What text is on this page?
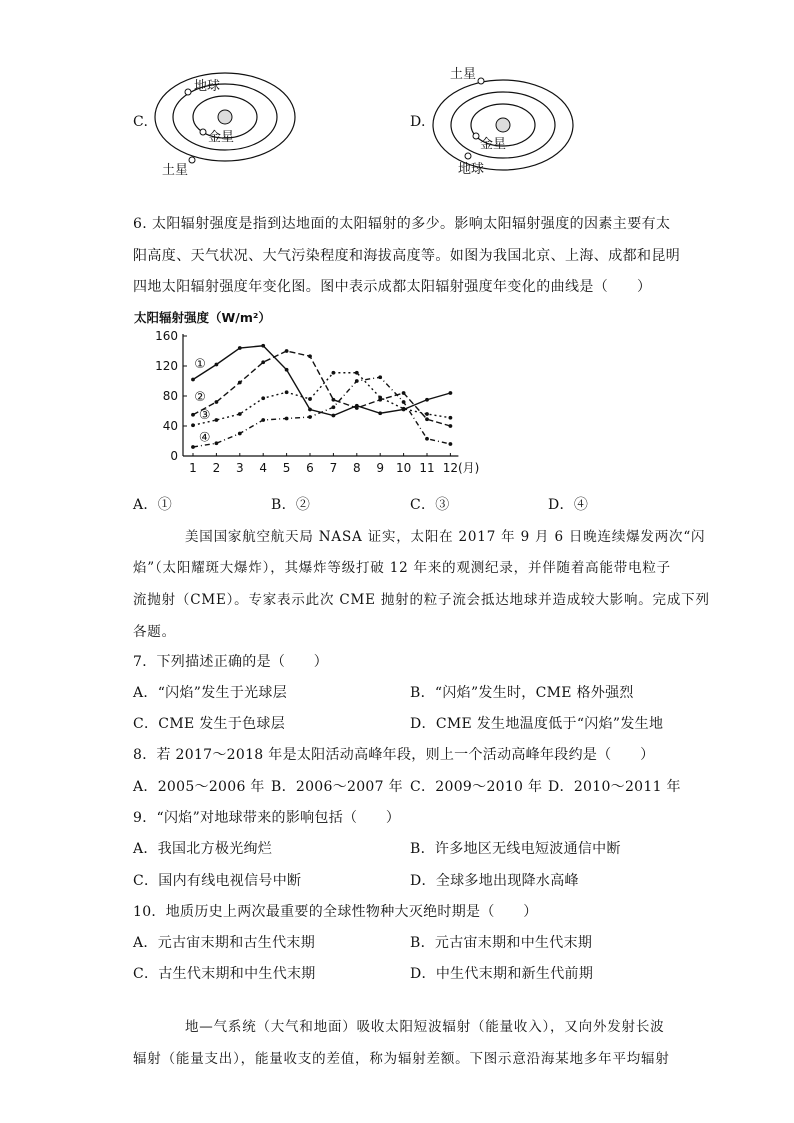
C.
地球
金星
土星
D.
土星
金星
地球
6. 太阳辐射强度是指到达地面的太阳辐射的多少。影响太阳辐射强度的因素主要有太
阳高度、天气状况、大气污染程度和海拔高度等。如图为我国北京、上海、成都和昆明
四地太阳辐射强度年变化图。图中表示成都太阳辐射强度年变化的曲线是（　　）
太阳辐射强度（W/m²）
0
40
80
120
160
1 2 3 4 5 6 7 8 9 10 11 12
①
②
③
④
(月)
A．①	B．②	C．③	D．④
美国国家航空航天局 NASA 证实，太阳在 2017 年 9 月 6 日晚连续爆发两次“闪
焰”（太阳耀斑大爆炸），其爆炸等级打破 12 年来的观测纪录，并伴随着高能带电粒子
流抛射（CME）。专家表示此次 CME 抛射的粒子流会抵达地球并造成较大影响。完成下列
各题。
7．下列描述正确的是（　　）
A．“闪焰”发生于光球层	B．“闪焰”发生时，CME 格外强烈
C．CME 发生于色球层	D．CME 发生地温度低于“闪焰”发生地
8．若 2017～2018 年是太阳活动高峰年段，则上一个活动高峰年段约是（　　）
A．2005～2006 年 B．2006～2007 年 C．2009～2010 年 D．2010～2011 年
9．“闪焰”对地球带来的影响包括（　　）
A．我国北方极光绚烂	B．许多地区无线电短波通信中断
C．国内有线电视信号中断	D．全球多地出现降水高峰
10．地质历史上两次最重要的全球性物种大灭绝时期是（　　）
A．元古宙末期和古生代末期	B．元古宙末期和中生代末期
C．古生代末期和中生代末期	D．中生代末期和新生代前期
地—气系统（大气和地面）吸收太阳短波辐射（能量收入），又向外发射长波
辐射（能量支出），能量收支的差值，称为辐射差额。下图示意沿海某地多年平均辐射
